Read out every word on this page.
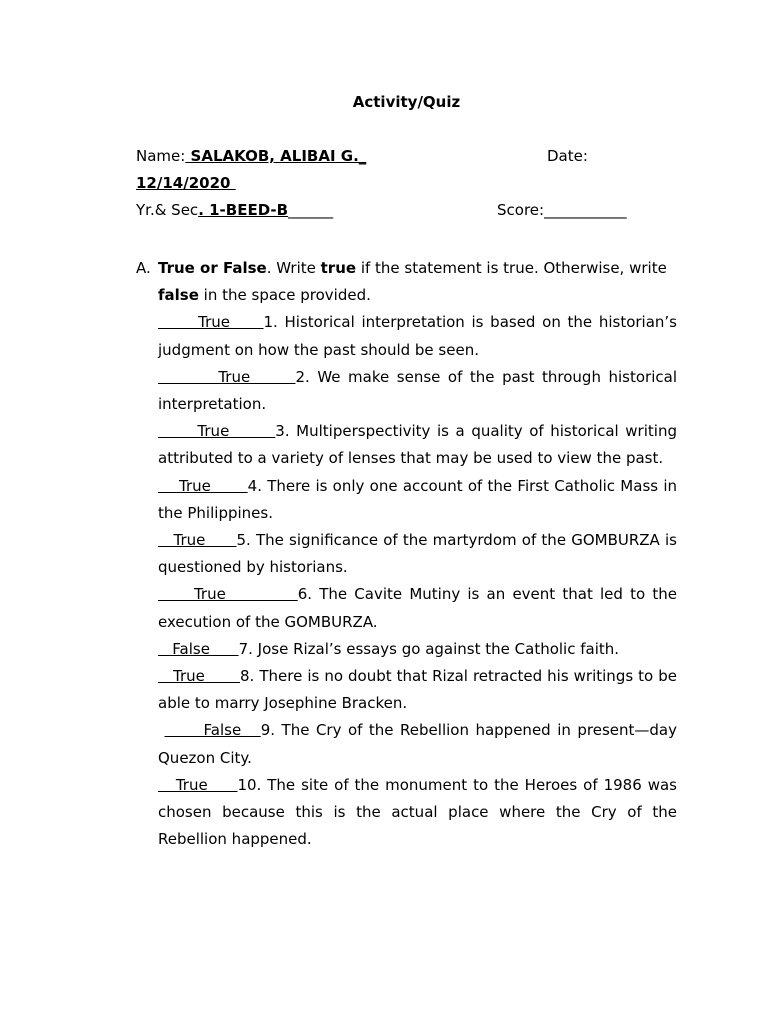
Activity/Quiz
Name: SALAKOB, ALIBAI G._	Date:
12/14/2020
Yr.& Sec. 1-BEED-B______	Score:___________
A. True or False. Write true if the statement is true. Otherwise, write false in the space provided.
True     1. Historical interpretation is based on the historian’s judgment on how the past should be seen.
True      2. We make sense of the past through historical interpretation.
True       3. Multiperspectivity is a quality of historical writing attributed to a variety of lenses that may be used to view the past.
True       4. There is only one account of the First Catholic Mass in the Philippines.
True      5. The significance of the martyrdom of the GOMBURZA is questioned by historians.
True          6. The Cavite Mutiny is an event that led to the execution of the GOMBURZA.
False      7. Jose Rizal’s essays go against the Catholic faith.
True       8. There is no doubt that Rizal retracted his writings to be able to marry Josephine Bracken.
False   9. The Cry of the Rebellion happened in present—day Quezon City.
True     10. The site of the monument to the Heroes of 1986 was chosen because this is the actual place where the Cry of the Rebellion happened.
